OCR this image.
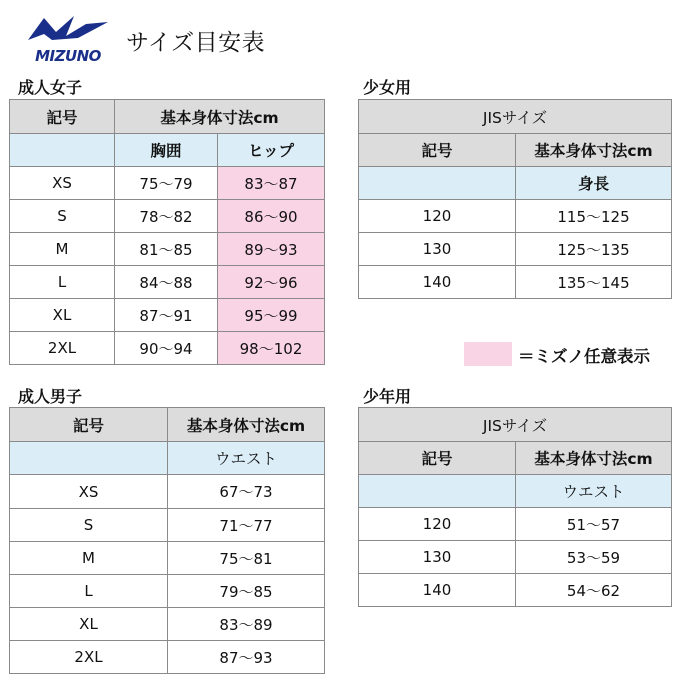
MIZUNO サイズ目安表
成人女子
記号	基本身体寸法cm	
	胸囲	ヒップ
XS	75～79	83～87
S	78～82	86～90
M	81～85	89～93
L	84～88	92～96
XL	87～91	95～99
2XL	90～94	98～102
少女用
JISサイズ	
記号	基本身体寸法cm
	身長
120	115～125
130	125～135
140	135～145
＝ミズノ任意表示
成人男子
記号	基本身体寸法cm
	ウエスト
XS	67～73
S	71～77
M	75～81
L	79～85
XL	83～89
2XL	87～93
少年用
JISサイズ	
記号	基本身体寸法cm
	ウエスト
120	51～57
130	53～59
140	54～62
